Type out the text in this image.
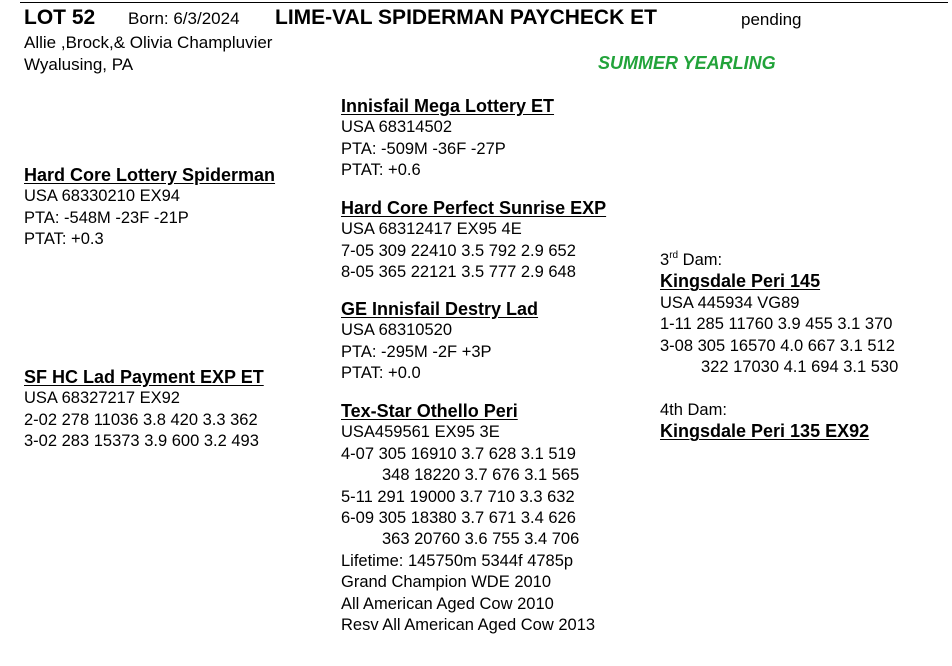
LOT 52 Born: 6/3/2024 LIME-VAL SPIDERMAN PAYCHECK ET	pending
Allie ,Brock,& Olivia Champluvier
Wyalusing, PA	SUMMER YEARLING
Innisfail Mega Lottery ET
USA 68314502
PTA: -509M -36F -27P
PTAT: +0.6
Hard Core Lottery Spiderman
USA 68330210 EX94
PTA: -548M -23F -21P
PTAT: +0.3
Hard Core Perfect Sunrise EXP
USA 68312417 EX95 4E
7-05 309 22410 3.5 792 2.9 652
8-05 365 22121 3.5 777 2.9 648
GE Innisfail Destry Lad
USA 68310520
PTA: -295M -2F +3P
PTAT: +0.0
SF HC Lad Payment EXP ET
USA 68327217 EX92
2-02 278 11036 3.8 420 3.3 362
3-02 283 15373 3.9 600 3.2 493
Tex-Star Othello Peri
USA459561 EX95 3E
4-07 305 16910 3.7 628 3.1 519
348 18220 3.7 676 3.1 565
5-11 291 19000 3.7 710 3.3 632
6-09 305 18380 3.7 671 3.4 626
363 20760 3.6 755 3.4 706
Lifetime: 145750m 5344f 4785p
Grand Champion WDE 2010
All American Aged Cow 2010
Resv All American Aged Cow 2013
3rd Dam:
Kingsdale Peri 145
USA 445934 VG89
1-11 285 11760 3.9 455 3.1 370
3-08 305 16570 4.0 667 3.1 512
322 17030 4.1 694 3.1 530
4th Dam:
Kingsdale Peri 135 EX92
